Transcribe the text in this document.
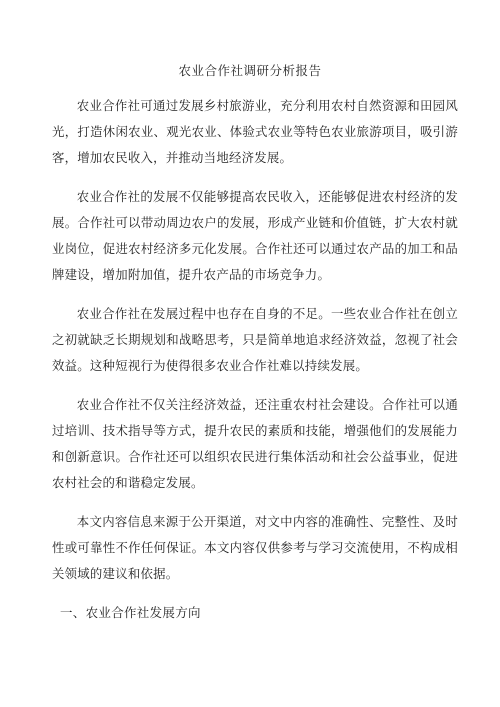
农业合作社调研分析报告

农业合作社可通过发展乡村旅游业，充分利用农村自然资源和田园风光，打造休闲农业、观光农业、体验式农业等特色农业旅游项目，吸引游客，增加农民收入，并推动当地经济发展。

农业合作社的发展不仅能够提高农民收入，还能够促进农村经济的发展。合作社可以带动周边农户的发展，形成产业链和价值链，扩大农村就业岗位，促进农村经济多元化发展。合作社还可以通过农产品的加工和品牌建设，增加附加值，提升农产品的市场竞争力。

农业合作社在发展过程中也存在自身的不足。一些农业合作社在创立之初就缺乏长期规划和战略思考，只是简单地追求经济效益，忽视了社会效益。这种短视行为使得很多农业合作社难以持续发展。

农业合作社不仅关注经济效益，还注重农村社会建设。合作社可以通过培训、技术指导等方式，提升农民的素质和技能，增强他们的发展能力和创新意识。合作社还可以组织农民进行集体活动和社会公益事业，促进农村社会的和谐稳定发展。

本文内容信息来源于公开渠道，对文中内容的准确性、完整性、及时性或可靠性不作任何保证。本文内容仅供参考与学习交流使用，不构成相关领域的建议和依据。

一、农业合作社发展方向
